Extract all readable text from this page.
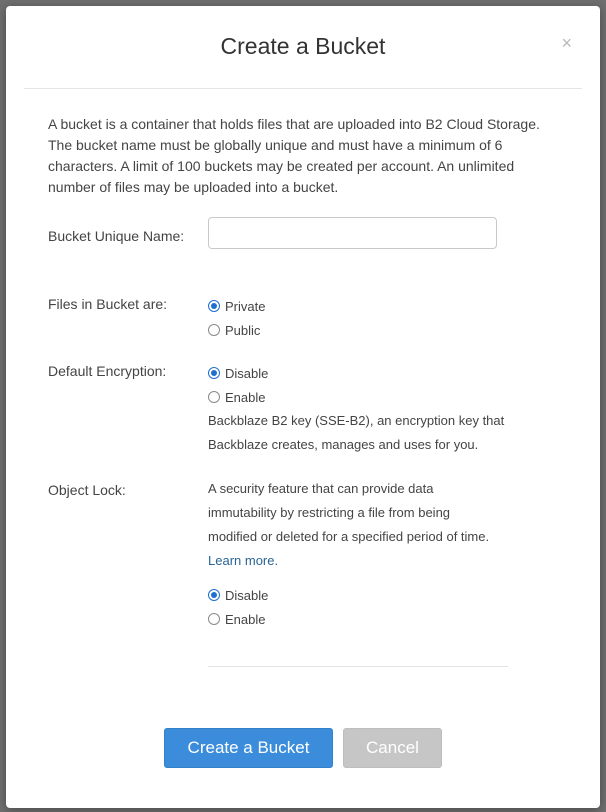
Create a Bucket	×

A bucket is a container that holds files that are uploaded into B2 Cloud Storage. The bucket name must be globally unique and must have a minimum of 6 characters. A limit of 100 buckets may be created per account. An unlimited number of files may be uploaded into a bucket.

Bucket Unique Name:
Files in Bucket are:	Private
Public
Default Encryption:	Disable
Enable

Backblaze B2 key (SSE-B2), an encryption key that Backblaze creates, manages and uses for you.

Object Lock:	A security feature that can provide data immutability by restricting a file from being modified or deleted for a specified period of time. Learn more.

Disable
Enable
Create a Bucket	Cancel
